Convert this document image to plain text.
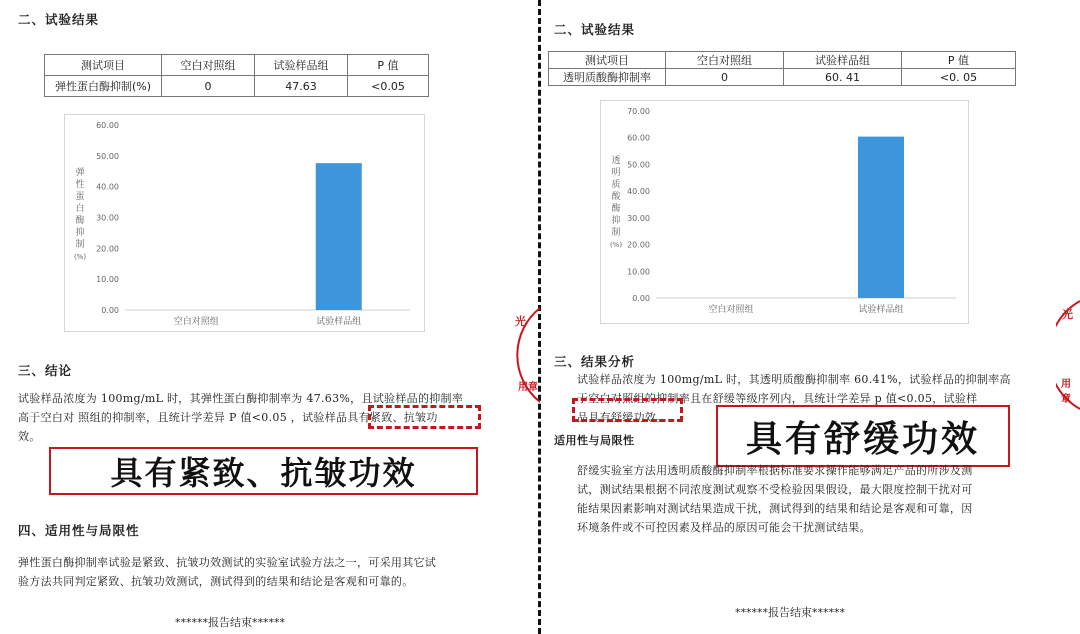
二、试验结果
测试项目	空白对照组	试验样品组	P 值
弹性蛋白酶抑制(%)	0	47.63	<0.05
60.00
50.00
40.00
30.00
20.00
10.00
0.00
空白对照组	试验样品组
弹
性
蛋
白
酶
抑
制
(%)
三、结论
试验样品浓度为 100mg/mL 时，其弹性蛋白酶抑制率为 47.63%，且试验样品的抑制率
高于空白对 照组的抑制率，且统计学差异 P 值<0.05 ，试验样品具有紧致、抗皱功
效。
具有紧致、抗皱功效
四、适用性与局限性
弹性蛋白酶抑制率试验是紧致、抗皱功效测试的实验室试验方法之一，可采用其它试
验方法共同判定紧致、抗皱功效测试，测试得到的结果和结论是客观和可靠的。
******报告结束******
光
用章
光
用章
二、试验结果
测试项目	空白对照组	试验样品组	P 值
透明质酸酶抑制率	0	60. 41	<0. 05
70.00
60.00
50.00
40.00
30.00
20.00
10.00
0.00
空白对照组	试验样品组
透
明
质
酸
酶
抑
制
(%)
三、结果分析
试验样品浓度为 100mg/mL 时，其透明质酸酶抑制率 60.41%，试验样品的抑制率高
于空白对照组的抑制率且在舒缓等级序列内，具统计学差异 p 值<0.05，试验样
品具有舒缓功效。	具有舒缓功效
适用性与局限性
舒缓实验室方法用透明质酸酶抑制率根据标准要求操作能够满足产品的所涉及测
试，测试结果根据不同浓度测试观察不受检验因果假设，最大限度控制干扰对可
能结果因素影响对测试结果造成干扰，测试得到的结果和结论是客观和可靠，因
环境条件或不可控因素及样品的原因可能会干扰测试结果。
******报告结束******
